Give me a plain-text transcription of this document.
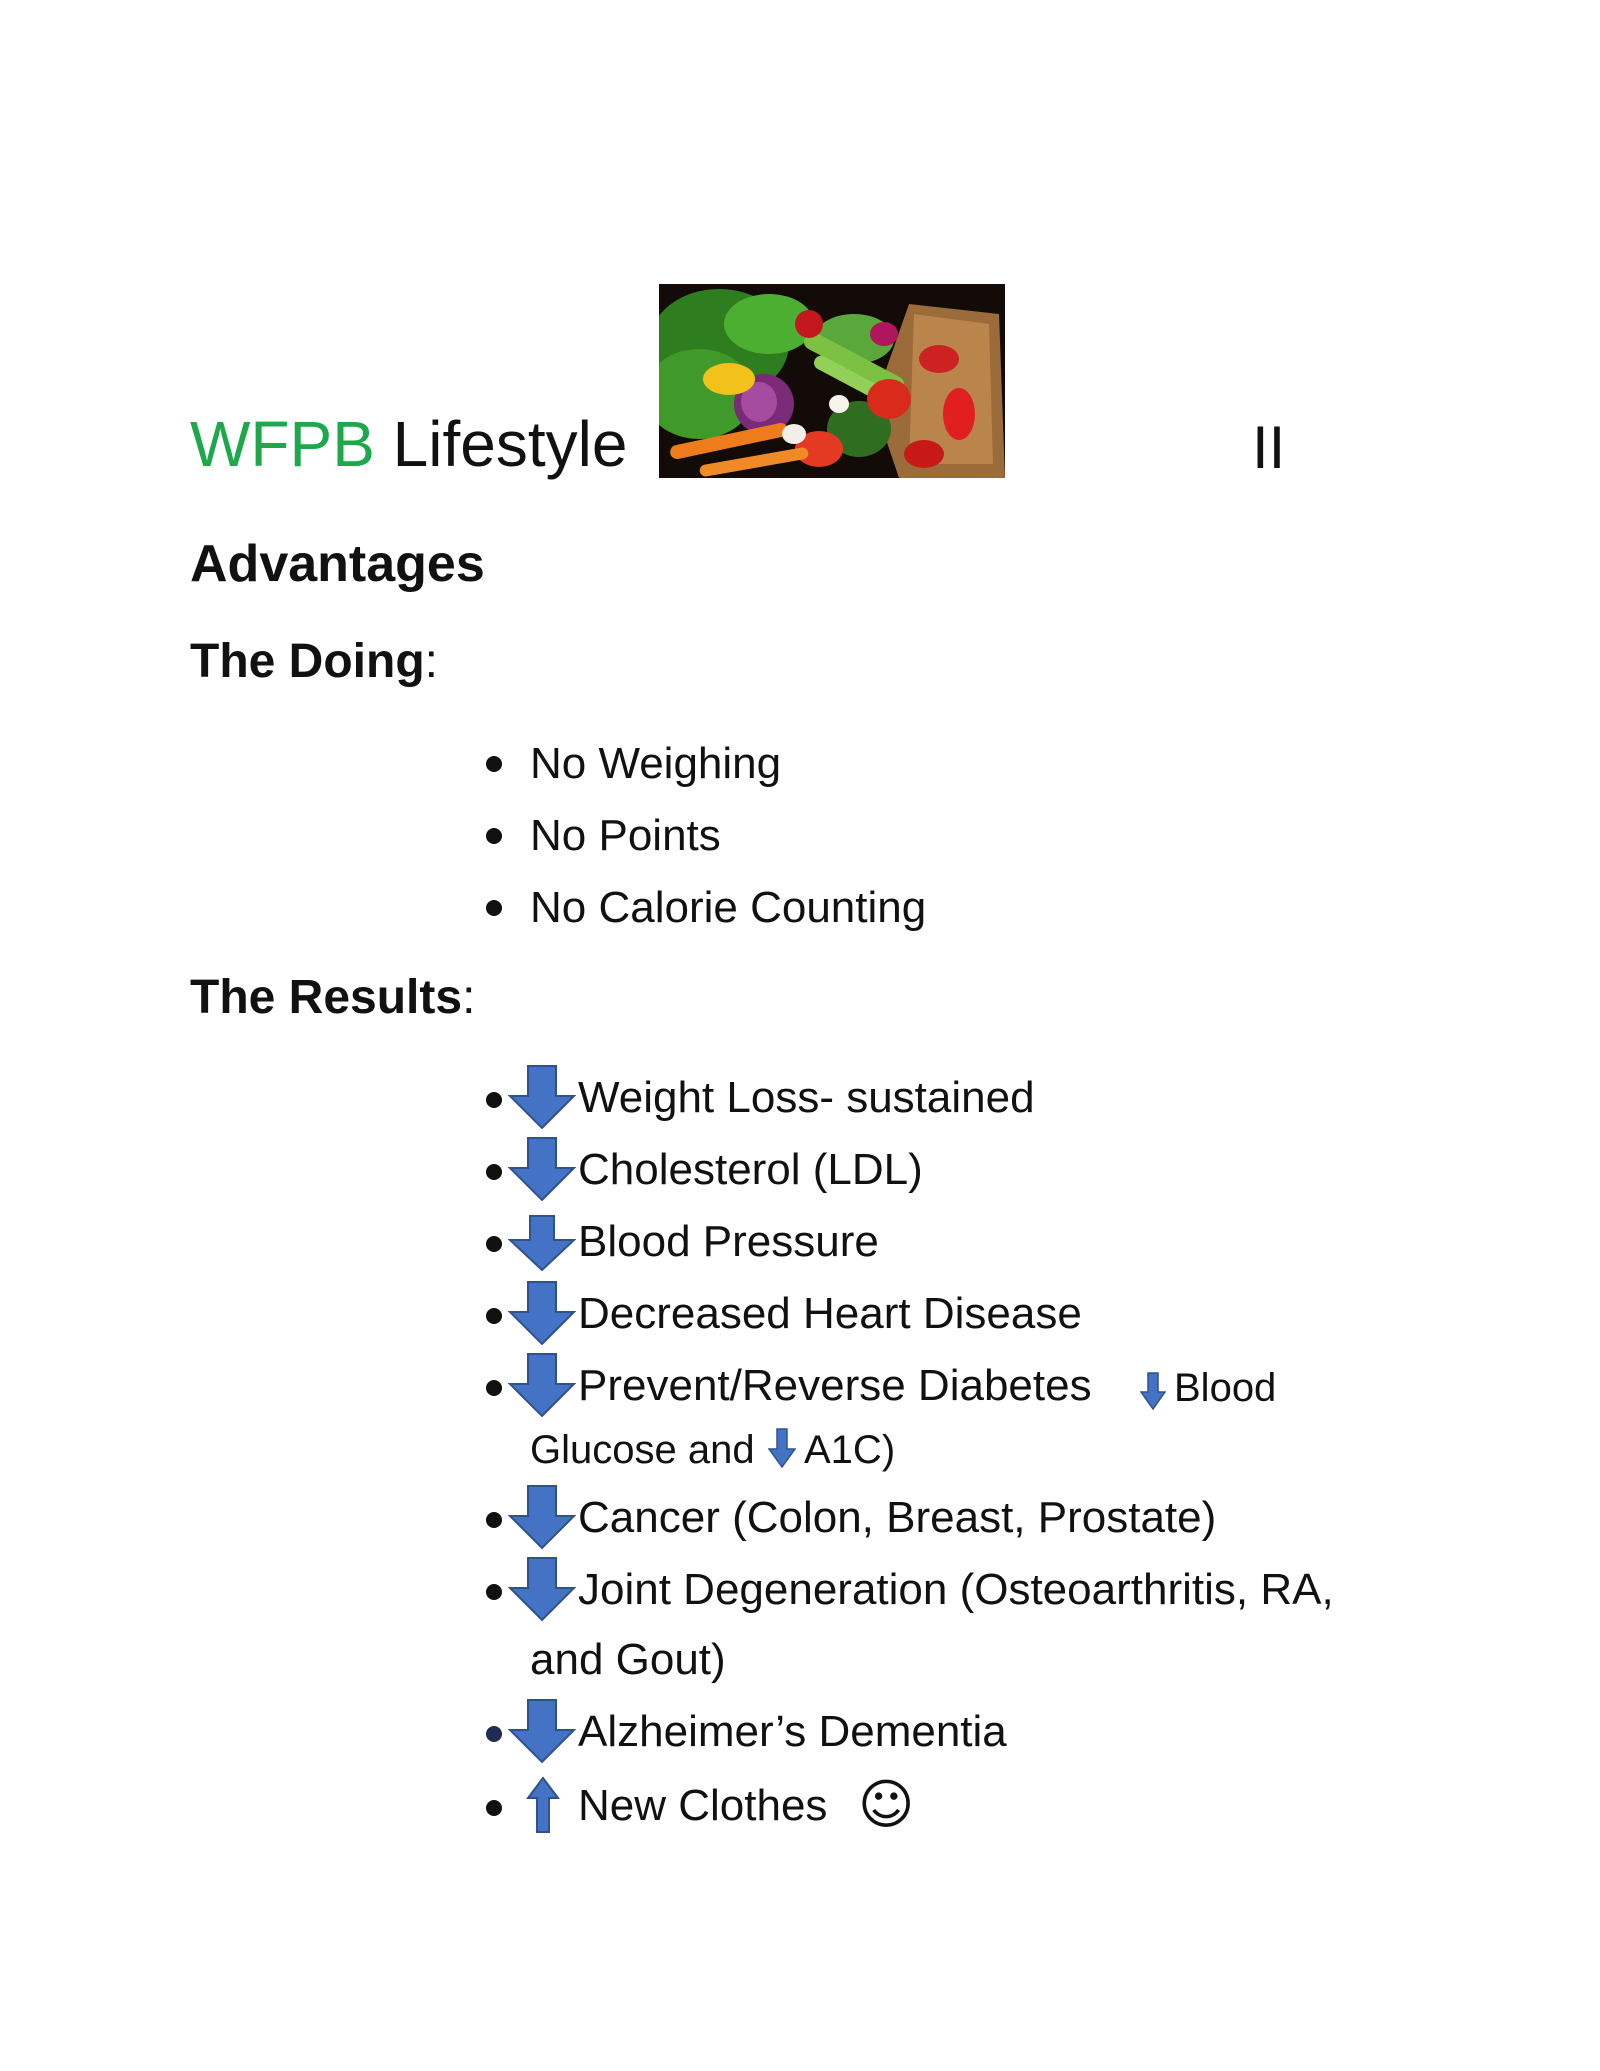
WFPB Lifestyle	II
Advantages
The Doing:
No Weighing
No Points
No Calorie Counting
The Results:
Weight Loss- sustained
Cholesterol (LDL)
Blood Pressure
Decreased Heart Disease
Prevent/Reverse Diabetes Blood
Glucose and A1C)
Cancer (Colon, Breast, Prostate)
Joint Degeneration (Osteoarthritis, RA,
and Gout)
Alzheimer’s Dementia
New Clothes ☺
